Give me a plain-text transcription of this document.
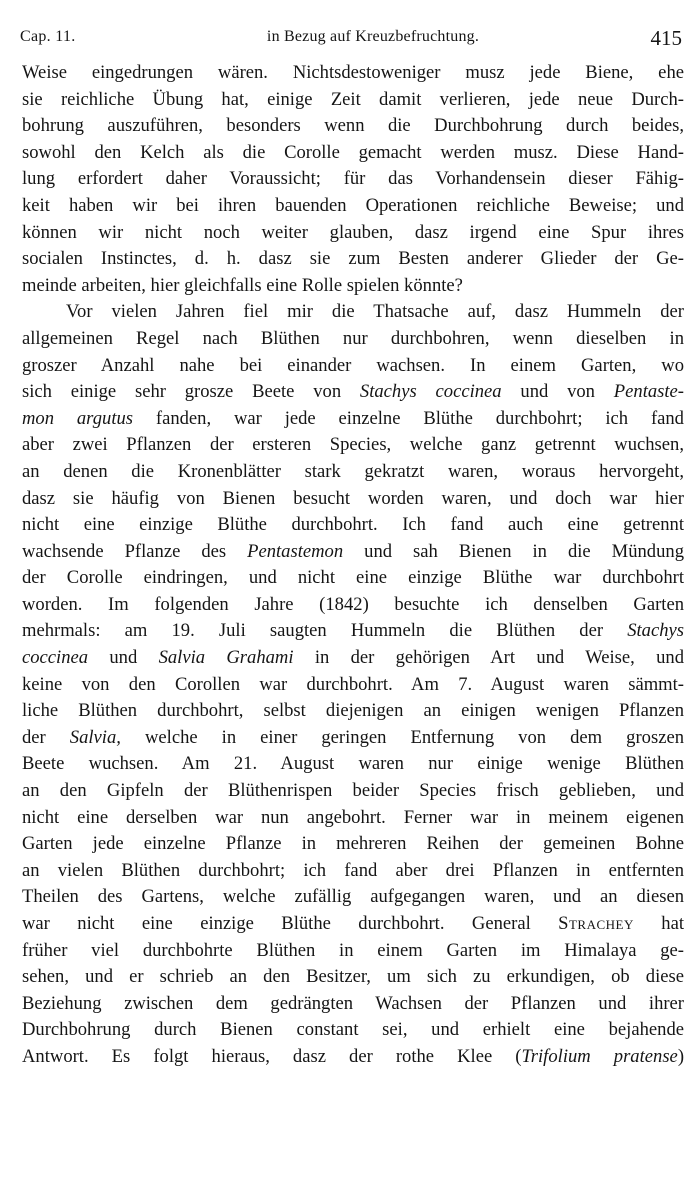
Cap. 11.	in Bezug auf Kreuzbefruchtung.	415
Weise eingedrungen wären. Nichtsdestoweniger musz jede Biene, ehe
sie reichliche Übung hat, einige Zeit damit verlieren, jede neue Durch-
bohrung auszuführen, besonders wenn die Durchbohrung durch beides,
sowohl den Kelch als die Corolle gemacht werden musz. Diese Hand-
lung erfordert daher Voraussicht; für das Vorhandensein dieser Fähig-
keit haben wir bei ihren bauenden Operationen reichliche Beweise; und
können wir nicht noch weiter glauben, dasz irgend eine Spur ihres
socialen Instinctes, d. h. dasz sie zum Besten anderer Glieder der Ge-
meinde arbeiten, hier gleichfalls eine Rolle spielen könnte?
Vor vielen Jahren fiel mir die Thatsache auf, dasz Hummeln der
allgemeinen Regel nach Blüthen nur durchbohren, wenn dieselben in
groszer Anzahl nahe bei einander wachsen. In einem Garten, wo
sich einige sehr grosze Beete von Stachys coccinea und von Pentaste-
mon argutus fanden, war jede einzelne Blüthe durchbohrt; ich fand
aber zwei Pflanzen der ersteren Species, welche ganz getrennt wuchsen,
an denen die Kronenblätter stark gekratzt waren, woraus hervorgeht,
dasz sie häufig von Bienen besucht worden waren, und doch war hier
nicht eine einzige Blüthe durchbohrt. Ich fand auch eine getrennt
wachsende Pflanze des Pentastemon und sah Bienen in die Mündung
der Corolle eindringen, und nicht eine einzige Blüthe war durchbohrt
worden. Im folgenden Jahre (1842) besuchte ich denselben Garten
mehrmals: am 19. Juli saugten Hummeln die Blüthen der Stachys
coccinea und Salvia Grahami in der gehörigen Art und Weise, und
keine von den Corollen war durchbohrt. Am 7. August waren sämmt-
liche Blüthen durchbohrt, selbst diejenigen an einigen wenigen Pflanzen
der Salvia, welche in einer geringen Entfernung von dem groszen
Beete wuchsen. Am 21. August waren nur einige wenige Blüthen
an den Gipfeln der Blüthenrispen beider Species frisch geblieben, und
nicht eine derselben war nun angebohrt. Ferner war in meinem eigenen
Garten jede einzelne Pflanze in mehreren Reihen der gemeinen Bohne
an vielen Blüthen durchbohrt; ich fand aber drei Pflanzen in entfernten
Theilen des Gartens, welche zufällig aufgegangen waren, und an diesen
war nicht eine einzige Blüthe durchbohrt. General Strachey hat
früher viel durchbohrte Blüthen in einem Garten im Himalaya ge-
sehen, und er schrieb an den Besitzer, um sich zu erkundigen, ob diese
Beziehung zwischen dem gedrängten Wachsen der Pflanzen und ihrer
Durchbohrung durch Bienen constant sei, und erhielt eine bejahende
Antwort. Es folgt hieraus, dasz der rothe Klee (Trifolium pratense)
